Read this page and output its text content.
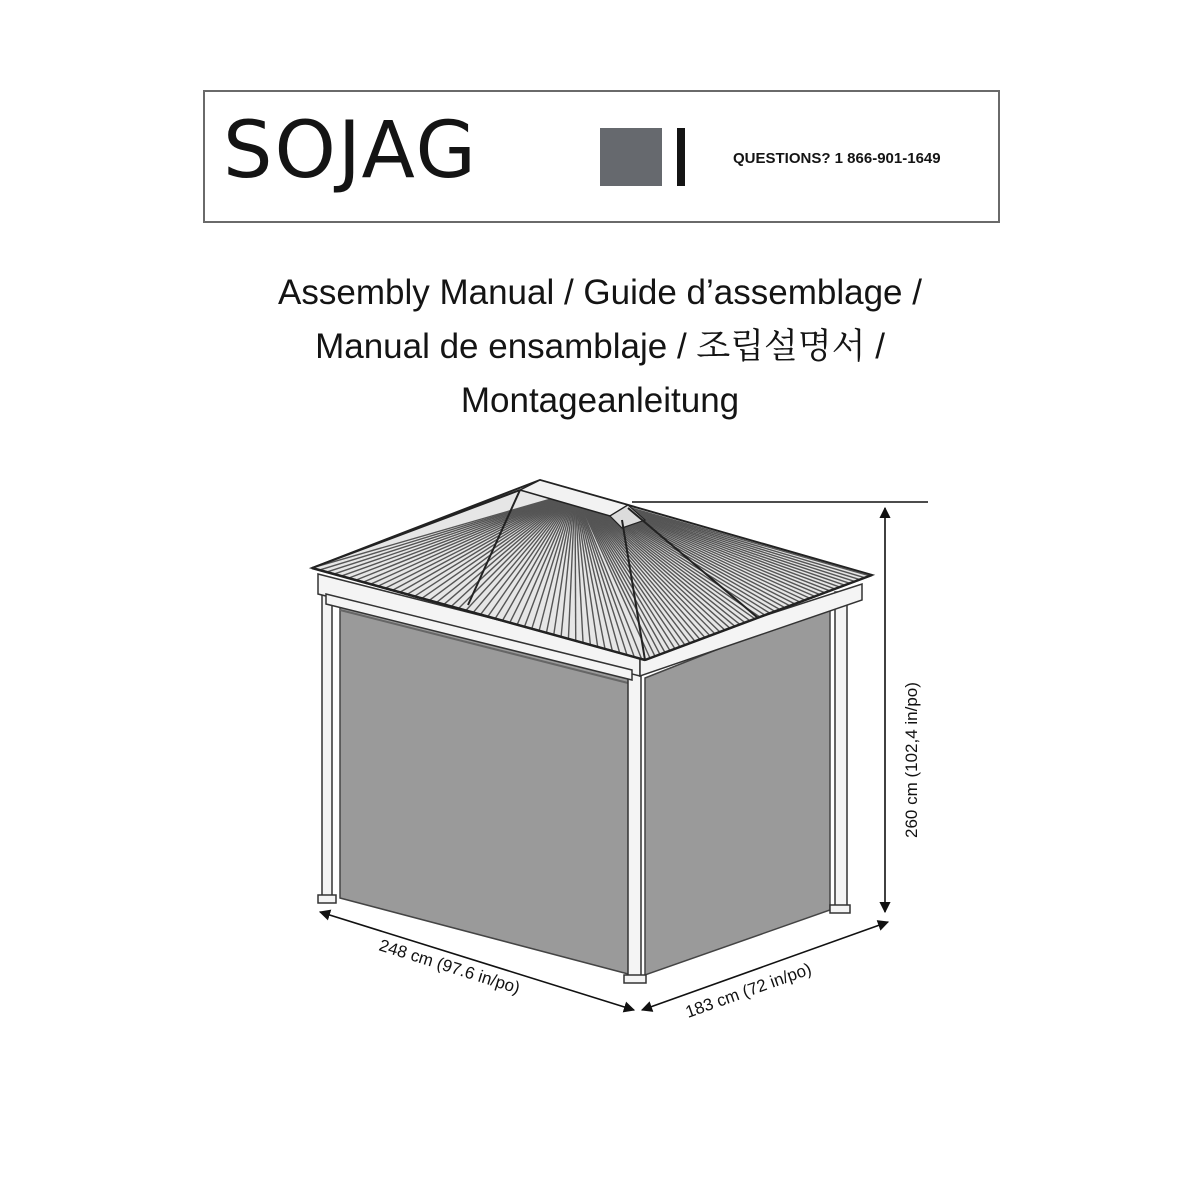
SOJAG	QUESTIONS? 1 866-901-1649
Assembly Manual / Guide d’assemblage /
Manual de ensamblaje / 조립설명서 /
Montageanleitung
260 cm (102,4 in/po)
248 cm (97.6 in/po)	183 cm (72 in/po)
